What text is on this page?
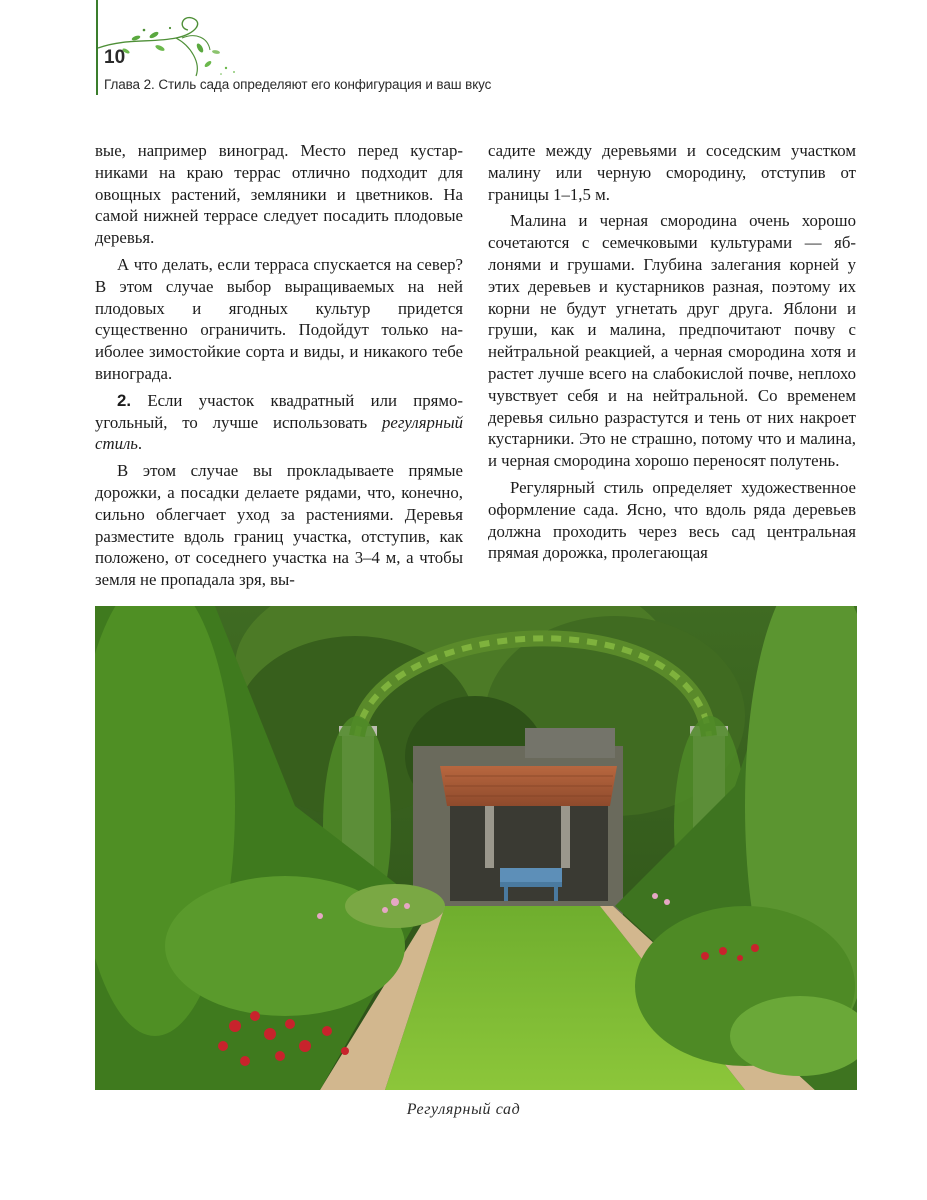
10
Глава 2. Стиль сада определяют его конфигурация и ваш вкус

вые, например виноград. Место перед кустарниками на краю террас отлично подходит для овощных растений, земляники и цветников. На самой нижней террасе следует посадить плодовые деревья.

А что делать, если терраса спускается на север? В этом случае выбор выращиваемых на ней плодовых и ягодных культур придется существенно ограничить. Подойдут только наиболее зимостойкие сорта и виды, и никакого тебе винограда.

2. Если участок квадратный или прямоугольный, то лучше использовать регулярный стиль.

В этом случае вы прокладываете прямые дорожки, а посадки делаете рядами, что, конечно, сильно облегчает уход за растениями. Деревья разместите вдоль границ участка, отступив, как положено, от соседнего участка на 3–4 м, а чтобы земля не пропадала зря, вы-

садите между деревьями и соседским участком малину или черную смородину, отступив от границы 1–1,5 м.

Малина и черная смородина очень хорошо сочетаются с семечковыми культурами — яблонями и грушами. Глубина залегания корней у этих деревьев и кустарников разная, поэтому их корни не будут угнетать друг друга. Яблони и груши, как и малина, предпочитают почву с нейтральной реакцией, а черная смородина хотя и растет лучше всего на слабокислой почве, неплохо чувствует себя и на нейтральной. Со временем деревья сильно разрастутся и тень от них накроет кустарники. Это не страшно, потому что и малина, и черная смородина хорошо переносят полутень.

Регулярный стиль определяет художественное оформление сада. Ясно, что вдоль ряда деревьев должна проходить через весь сад центральная прямая дорожка, пролегающая

Регулярный сад
